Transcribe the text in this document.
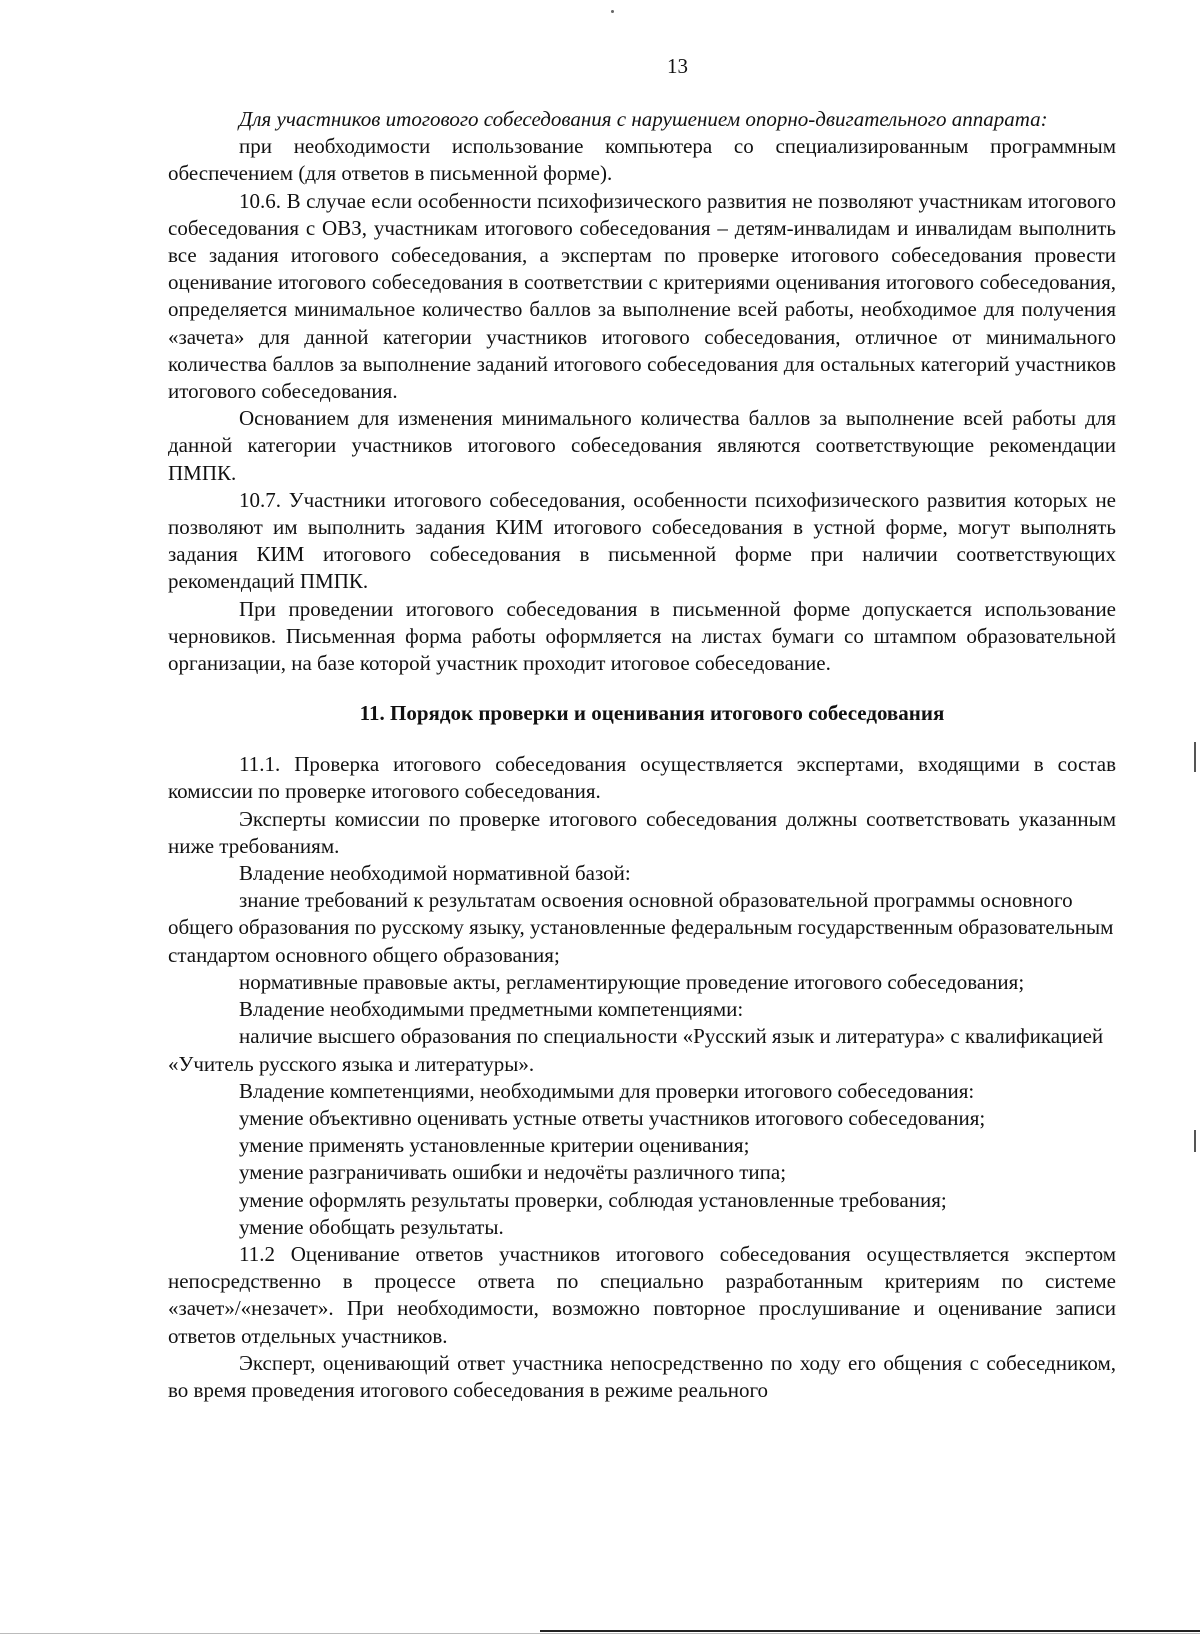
13

Для участников итогового собеседования с нарушением опорно-двигательного аппарата:

при необходимости использование компьютера со специализированным программным обеспечением (для ответов в письменной форме).

10.6. В случае если особенности психофизического развития не позволяют участникам итогового собеседования с ОВЗ, участникам итогового собеседования – детям-инвалидам и инвалидам выполнить все задания итогового собеседования, а экспертам по проверке итогового собеседования провести оценивание итогового собеседования в соответствии с критериями оценивания итогового собеседования, определяется минимальное количество баллов за выполнение всей работы, необходимое для получения «зачета» для данной категории участников итогового собеседования, отличное от минимального количества баллов за выполнение заданий итогового собеседования для остальных категорий участников итогового собеседования.

Основанием для изменения минимального количества баллов за выполнение всей работы для данной категории участников итогового собеседования являются соответствующие рекомендации ПМПК.

10.7. Участники итогового собеседования, особенности психофизического развития которых не позволяют им выполнить задания КИМ итогового собеседования в устной форме, могут выполнять задания КИМ итогового собеседования в письменной форме при наличии соответствующих рекомендаций ПМПК.

При проведении итогового собеседования в письменной форме допускается использование черновиков. Письменная форма работы оформляется на листах бумаги со штампом образовательной организации, на базе которой участник проходит итоговое собеседование.

11. Порядок проверки и оценивания итогового собеседования

11.1. Проверка итогового собеседования осуществляется экспертами, входящими в состав комиссии по проверке итогового собеседования.

Эксперты комиссии по проверке итогового собеседования должны соответствовать указанным ниже требованиям.

Владение необходимой нормативной базой:

знание требований к результатам освоения основной образовательной программы основного общего образования по русскому языку, установленные федеральным государственным образовательным стандартом основного общего образования;

нормативные правовые акты, регламентирующие проведение итогового собеседования;

Владение необходимыми предметными компетенциями:

наличие высшего образования по специальности «Русский язык и литература» с квалификацией «Учитель русского языка и литературы».

Владение компетенциями, необходимыми для проверки итогового собеседования:

умение объективно оценивать устные ответы участников итогового собеседования;

умение применять установленные критерии оценивания;

умение разграничивать ошибки и недочёты различного типа;

умение оформлять результаты проверки, соблюдая установленные требования;

умение обобщать результаты.

11.2 Оценивание ответов участников итогового собеседования осуществляется экспертом непосредственно в процессе ответа по специально разработанным критериям по системе «зачет»/«незачет». При необходимости, возможно повторное прослушивание и оценивание записи ответов отдельных участников.

Эксперт, оценивающий ответ участника непосредственно по ходу его общения с собеседником, во время проведения итогового собеседования в режиме реального
